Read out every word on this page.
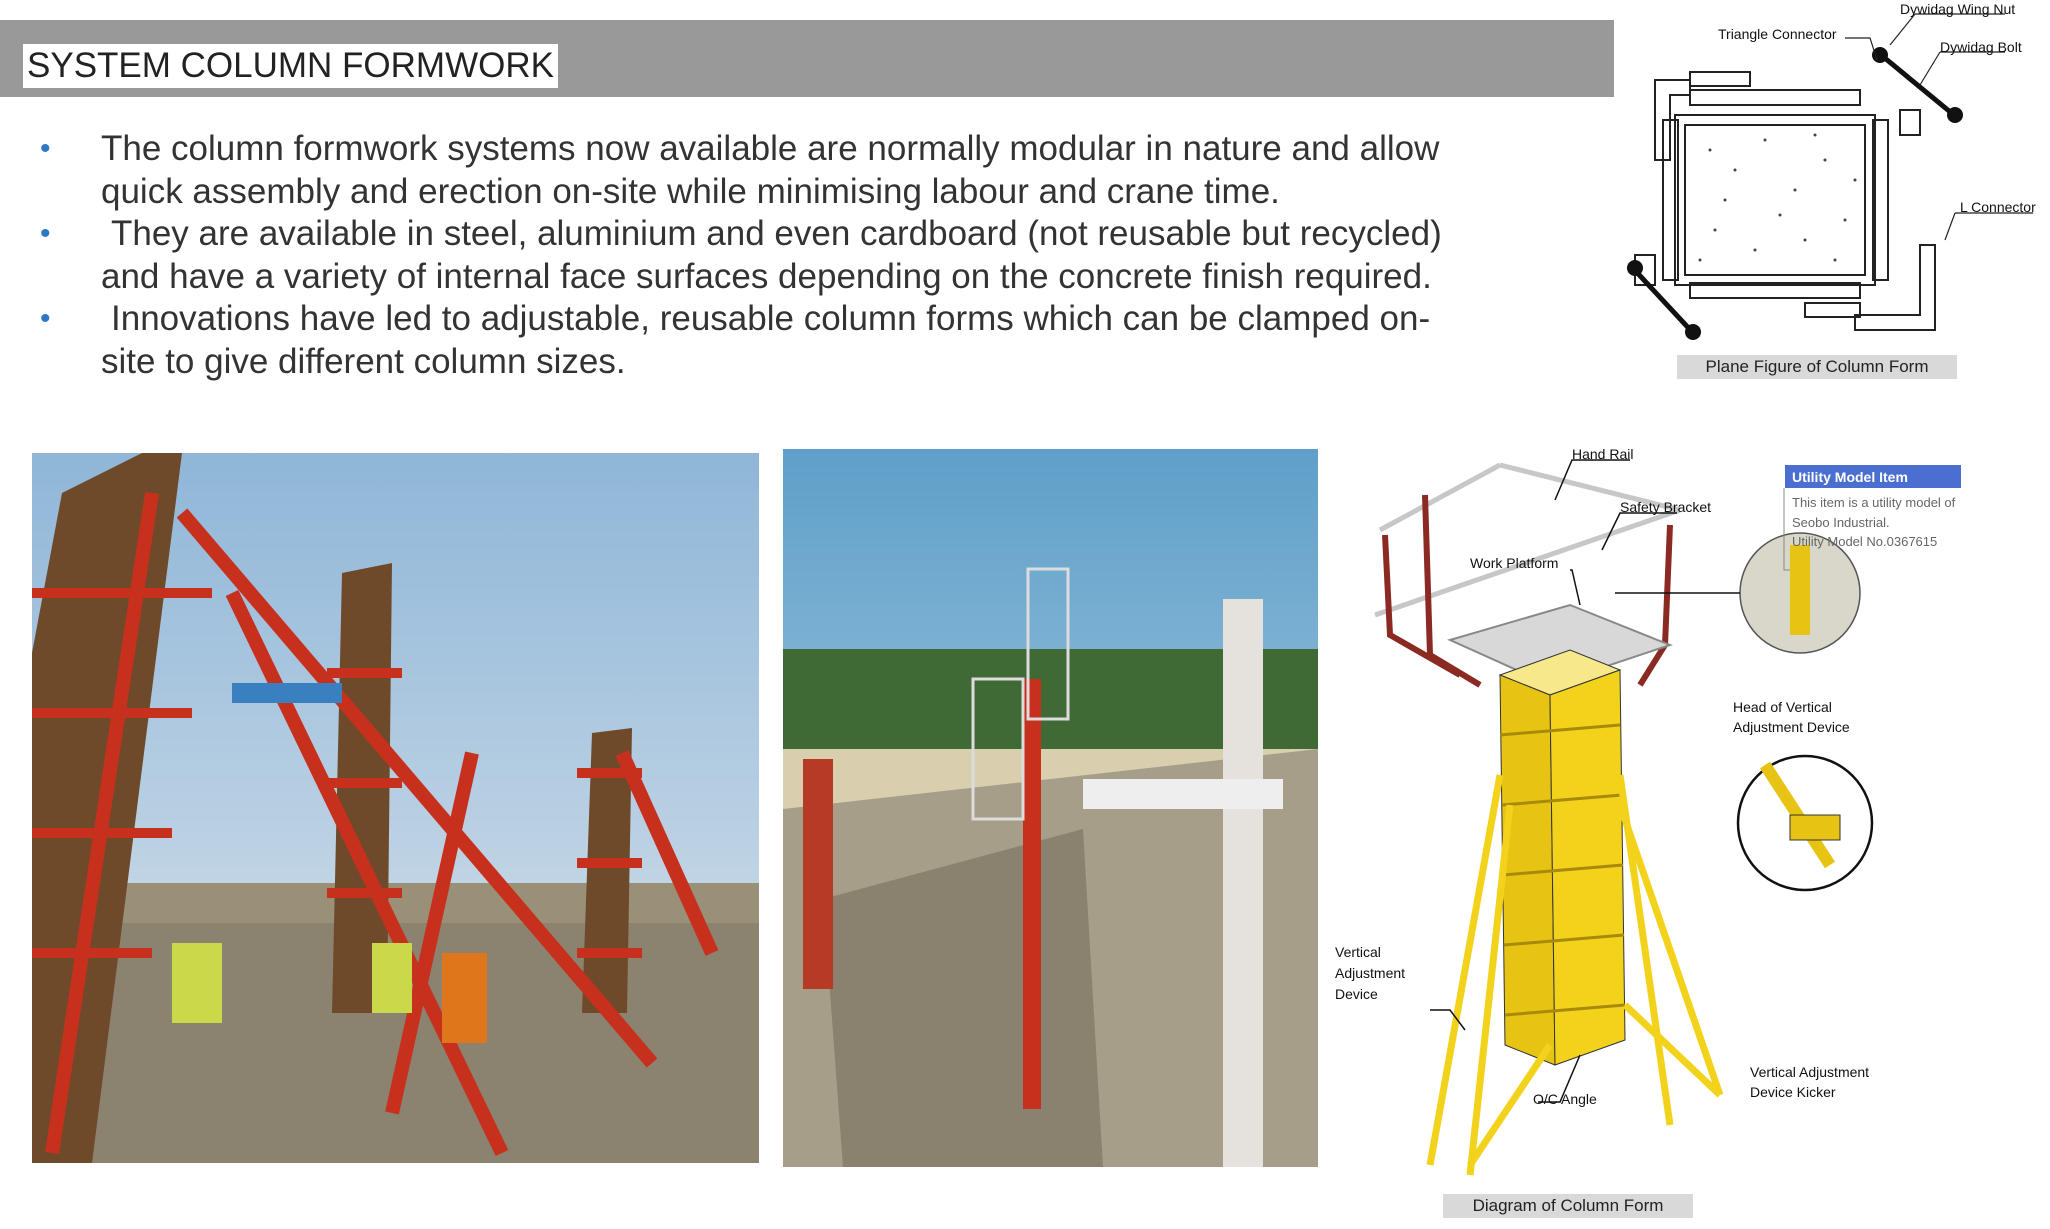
SYSTEM COLUMN FORMWORK
• The column formwork systems now available are normally modular in nature and allow quick assembly and erection on-site while minimising labour and crane time.
• They are available in steel, aluminium and even cardboard (not reusable but recycled) and have a variety of internal face surfaces depending on the concrete finish required.
• Innovations have led to adjustable, reusable column forms which can be clamped on-site to give different column sizes.
Dywidag Wing Nut
Triangle Connector
Dywidag Bolt
L Connector
Plane Figure of Column Form
Hand Rail
Safety Bracket
Work Platform
Head of Vertical
Adjustment Device
Vertical
Adjustment
Device
O/C Angle
Vertical Adjustment
Device Kicker
Utility Model Item
This item is a utility model of
Seobo Industrial.
Utility Model No.0367615
Diagram of Column Form
